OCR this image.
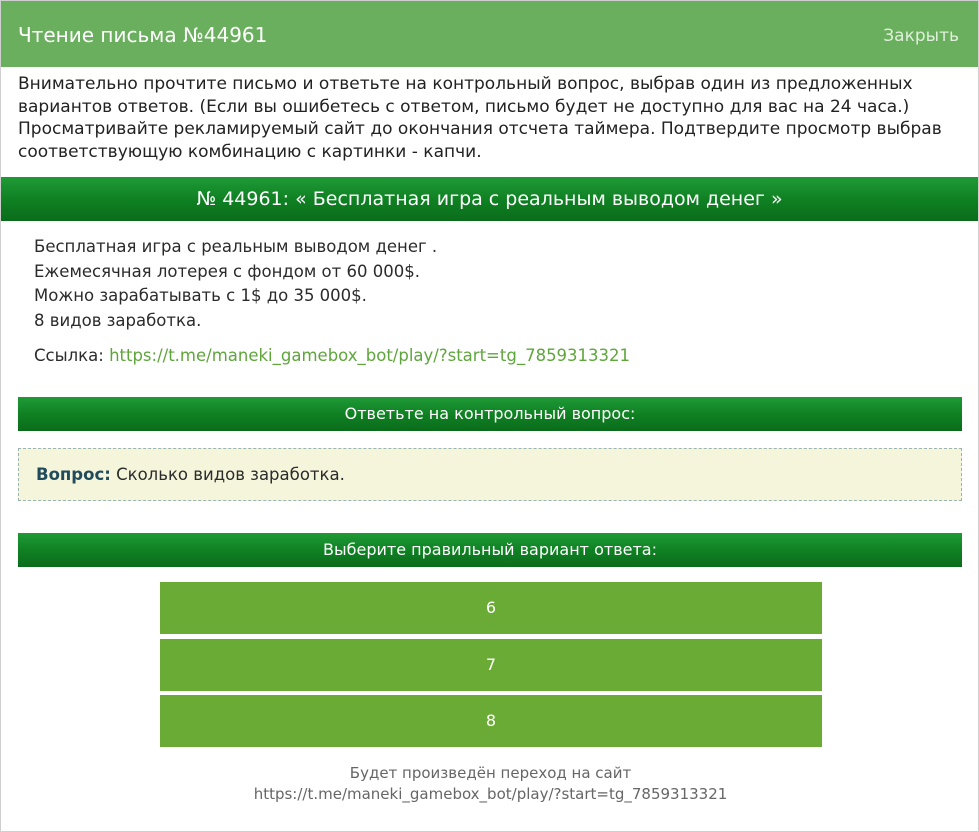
Чтение письма №44961	Закрыть
Внимательно прочтите письмо и ответьте на контрольный вопрос, выбрав один из предложенных вариантов ответов. (Если вы ошибетесь с ответом, письмо будет не доступно для вас на 24 часа.) Просматривайте рекламируемый сайт до окончания отсчета таймера. Подтвердите просмотр выбрав соответствующую комбинацию с картинки - капчи.
№ 44961: « Бесплатная игра с реальным выводом денег »
Бесплатная игра с реальным выводом денег .
Ежемесячная лотерея с фондом от 60 000$.
Можно зарабатывать с 1$ до 35 000$.
8 видов заработка.
Ссылка: https://t.me/maneki_gamebox_bot/play/?start=tg_7859313321
Ответьте на контрольный вопрос:
Вопрос: Сколько видов заработка.
Выберите правильный вариант ответа:
6
7
8
Будет произведён переход на сайт
https://t.me/maneki_gamebox_bot/play/?start=tg_7859313321
